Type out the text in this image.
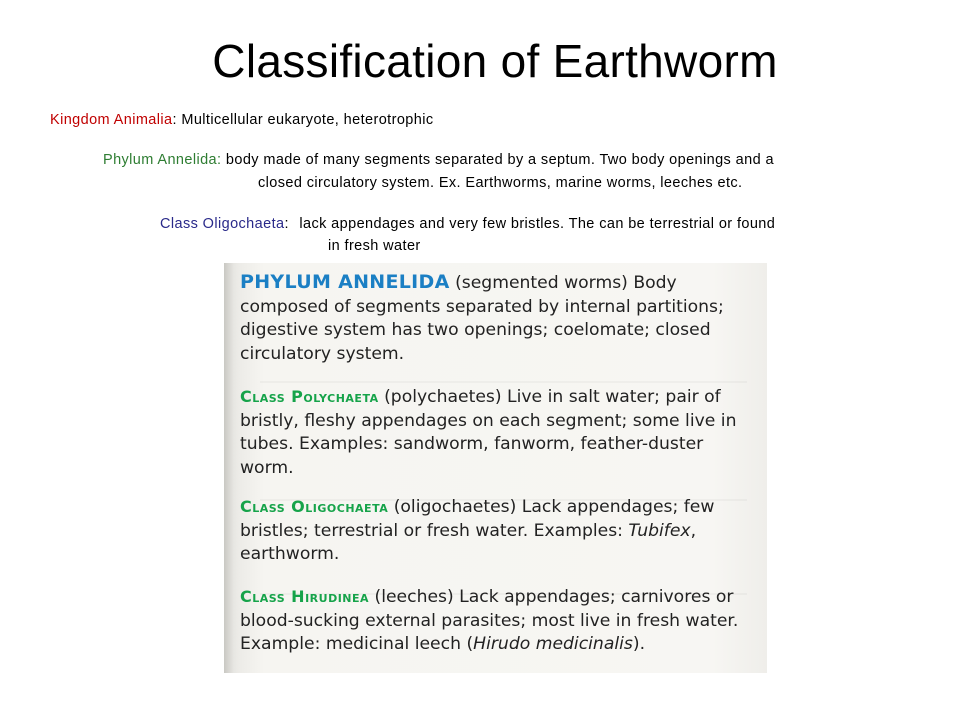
Classification of Earthworm
Kingdom Animalia: Multicellular eukaryote, heterotrophic
Phylum Annelida: body made of many segments separated by a septum. Two body openings and a
closed circulatory system. Ex. Earthworms, marine worms, leeches etc.
Class Oligochaeta: lack appendages and very few bristles. The can be terrestrial or found
in fresh water
PHYLUM ANNELIDA (segmented worms) Body composed of segments separated by internal partitions; digestive system has two openings; coelomate; closed circulatory system.
Class Polychaeta (polychaetes) Live in salt water; pair of bristly, fleshy appendages on each segment; some live in tubes. Examples: sandworm, fanworm, feather-duster worm.
Class Oligochaeta (oligochaetes) Lack appendages; few bristles; terrestrial or fresh water. Examples: Tubifex, earthworm.
Class Hirudinea (leeches) Lack appendages; carnivores or blood-sucking external parasites; most live in fresh water. Example: medicinal leech (Hirudo medicinalis).
